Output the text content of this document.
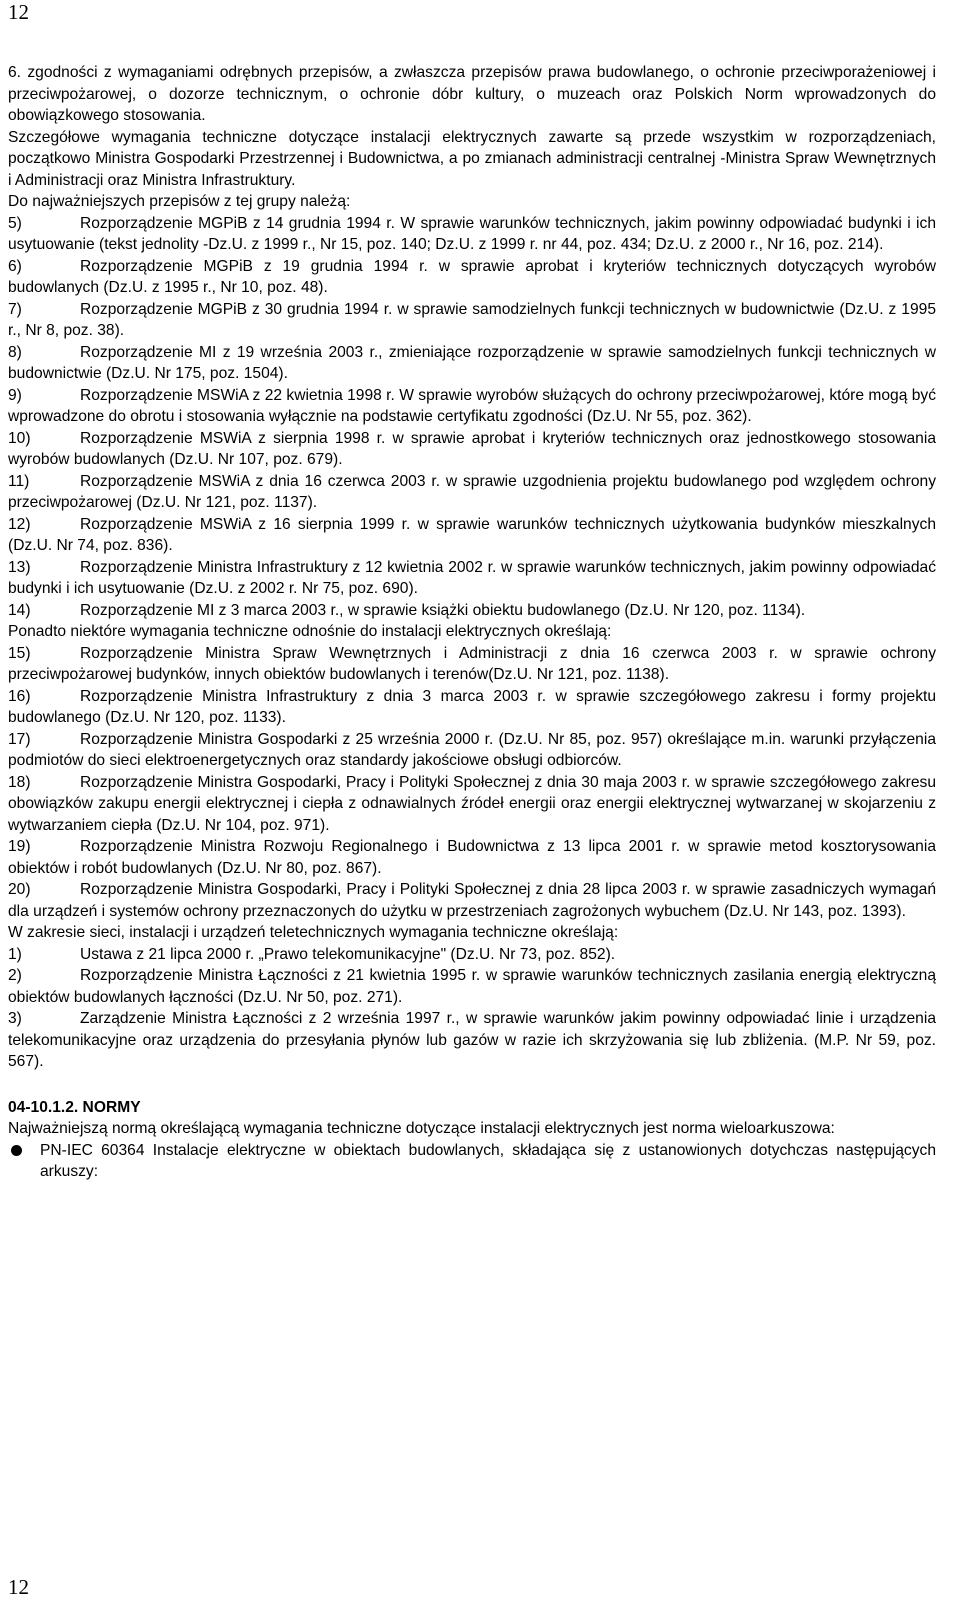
12

6. zgodności z wymaganiami odrębnych przepisów, a zwłaszcza przepisów prawa budowlanego, o ochronie przeciwporażeniowej i przeciwpożarowej, o dozorze technicznym, o ochronie dóbr kultury, o muzeach oraz Polskich Norm wprowadzonych do obowiązkowego stosowania.

Szczegółowe wymagania techniczne dotyczące instalacji elektrycznych zawarte są przede wszystkim w rozporządzeniach, początkowo Ministra Gospodarki Przestrzennej i Budownictwa, a po zmianach administracji centralnej -Ministra Spraw Wewnętrznych i Administracji oraz Ministra Infrastruktury.

Do najważniejszych przepisów z tej grupy należą:

5)	Rozporządzenie MGPiB z 14 grudnia 1994 r. W sprawie warunków technicznych, jakim powinny odpowiadać budynki i ich usytuowanie (tekst jednolity -Dz.U. z 1999 r., Nr 15, poz. 140; Dz.U. z 1999 r. nr 44, poz. 434; Dz.U. z 2000 r., Nr 16, poz. 214).

6)	Rozporządzenie MGPiB z 19 grudnia 1994 r. w sprawie aprobat i kryteriów technicznych dotyczących wyrobów budowlanych (Dz.U. z 1995 r., Nr 10, poz. 48).

7)	Rozporządzenie MGPiB z 30 grudnia 1994 r. w sprawie samodzielnych funkcji technicznych w budownictwie (Dz.U. z 1995 r., Nr 8, poz. 38).

8)	Rozporządzenie MI z 19 września 2003 r., zmieniające rozporządzenie w sprawie samodzielnych funkcji technicznych w budownictwie (Dz.U. Nr 175, poz. 1504).

9)	Rozporządzenie MSWiA z 22 kwietnia 1998 r. W sprawie wyrobów służących do ochrony przeciwpożarowej, które mogą być wprowadzone do obrotu i stosowania wyłącznie na podstawie certyfikatu zgodności (Dz.U. Nr 55, poz. 362).

10)	Rozporządzenie MSWiA z sierpnia 1998 r. w sprawie aprobat i kryteriów technicznych oraz jednostkowego stosowania wyrobów budowlanych (Dz.U. Nr 107, poz. 679).

11)	Rozporządzenie MSWiA z dnia 16 czerwca 2003 r. w sprawie uzgodnienia projektu budowlanego pod względem ochrony przeciwpożarowej (Dz.U. Nr 121, poz. 1137).

12)	Rozporządzenie MSWiA z 16 sierpnia 1999 r. w sprawie warunków technicznych użytkowania budynków mieszkalnych (Dz.U. Nr 74, poz. 836).

13)	Rozporządzenie Ministra Infrastruktury z 12 kwietnia 2002 r. w sprawie warunków technicznych, jakim powinny odpowiadać budynki i ich usytuowanie (Dz.U. z 2002 r. Nr 75, poz. 690).

14)	Rozporządzenie MI z 3 marca 2003 r., w sprawie książki obiektu budowlanego (Dz.U. Nr 120, poz. 1134).

Ponadto niektóre wymagania techniczne odnośnie do instalacji elektrycznych określają:

15)	Rozporządzenie Ministra Spraw Wewnętrznych i Administracji z dnia 16 czerwca 2003 r. w sprawie ochrony przeciwpożarowej budynków, innych obiektów budowlanych i terenów(Dz.U. Nr 121, poz. 1138).

16)	Rozporządzenie Ministra Infrastruktury z dnia 3 marca 2003 r. w sprawie szczegółowego zakresu i formy projektu budowlanego (Dz.U. Nr 120, poz. 1133).

17)	Rozporządzenie Ministra Gospodarki z 25 września 2000 r. (Dz.U. Nr 85, poz. 957) określające m.in. warunki przyłączenia podmiotów do sieci elektroenergetycznych oraz standardy jakościowe obsługi odbiorców.

18)	Rozporządzenie Ministra Gospodarki, Pracy i Polityki Społecznej z dnia 30 maja 2003 r. w sprawie szczegółowego zakresu obowiązków zakupu energii elektrycznej i ciepła z odnawialnych źródeł energii oraz energii elektrycznej wytwarzanej w skojarzeniu z wytwarzaniem ciepła (Dz.U. Nr 104, poz. 971).

19)	Rozporządzenie Ministra Rozwoju Regionalnego i Budownictwa z 13 lipca 2001 r. w sprawie metod kosztorysowania obiektów i robót budowlanych (Dz.U. Nr 80, poz. 867).

20)	Rozporządzenie Ministra Gospodarki, Pracy i Polityki Społecznej z dnia 28 lipca 2003 r. w sprawie zasadniczych wymagań dla urządzeń i systemów ochrony przeznaczonych do użytku w przestrzeniach zagrożonych wybuchem (Dz.U. Nr 143, poz. 1393).

W zakresie sieci, instalacji i urządzeń teletechnicznych wymagania techniczne określają:

1)	Ustawa z 21 lipca 2000 r. „Prawo telekomunikacyjne" (Dz.U. Nr 73, poz. 852).

2)	Rozporządzenie Ministra Łączności z 21 kwietnia 1995 r. w sprawie warunków technicznych zasilania energią elektryczną obiektów budowlanych łączności (Dz.U. Nr 50, poz. 271).

3)	Zarządzenie Ministra Łączności z 2 września 1997 r., w sprawie warunków jakim powinny odpowiadać linie i urządzenia telekomunikacyjne oraz urządzenia do przesyłania płynów lub gazów w razie ich skrzyżowania się lub zbliżenia. (M.P. Nr 59, poz. 567).

04-10.1.2. NORMY

Najważniejszą normą określającą wymagania techniczne dotyczące instalacji elektrycznych jest norma wieloarkuszowa:

PN-IEC 60364 Instalacje elektryczne w obiektach budowlanych, składająca się z ustanowionych dotychczas następujących arkuszy:
12
